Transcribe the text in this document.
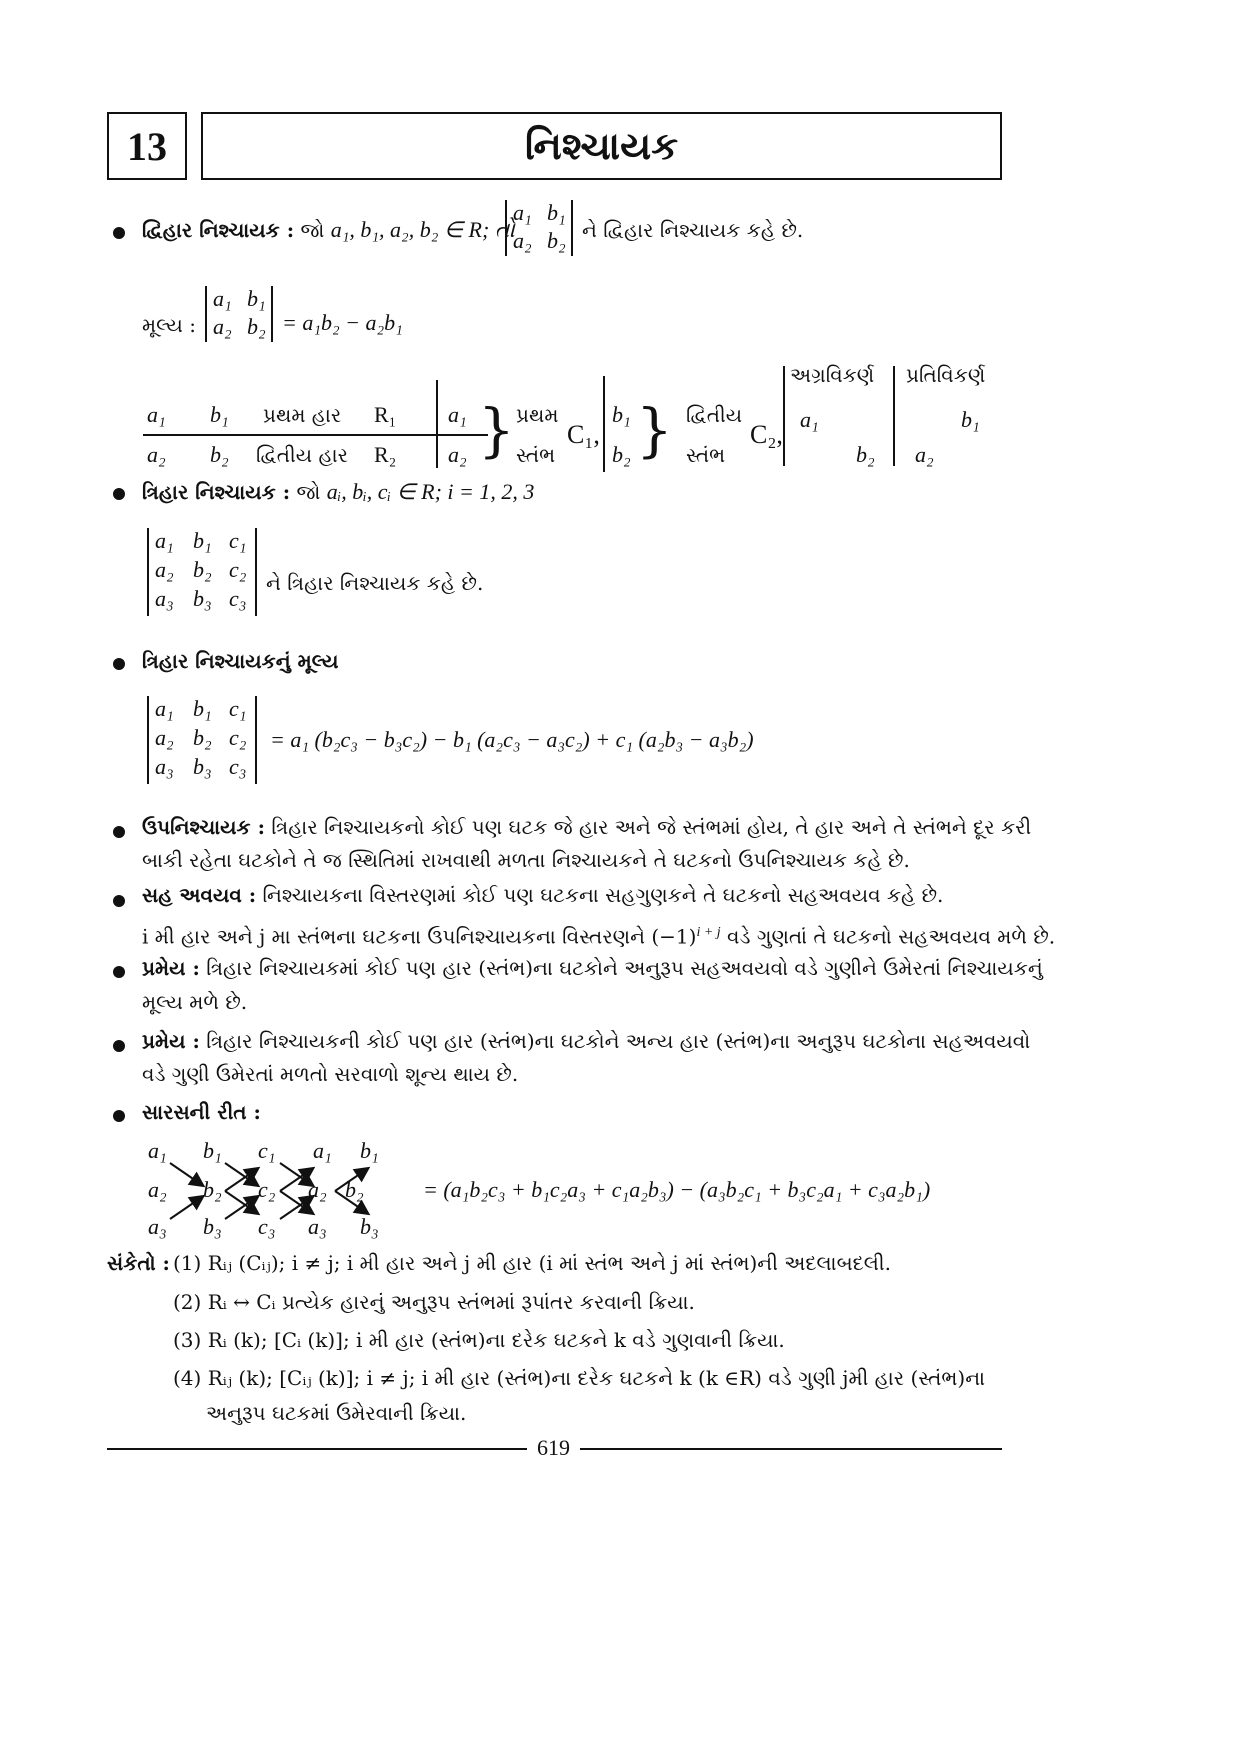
13	નિશ્ચાયક
દ્વિહાર નિશ્ચાયક : જો a₁, b₁, a₂, b₂ ∈ R; તો
a₁ b₁
a₂ b₂ ને દ્વિહાર નિશ્ચાયક કહે છે.
મૂલ્ય :
a₁ b₁
a₂ b₂ = a₁b₂ − a₂b₁
a₁ b₁ પ્રથમ હાર R₁
a₂ b₂ દ્વિતીય હાર R₂
a₁
a₂ } પ્રથમ
સ્તંભ
C₁,
b₁
b₂ } દ્વિતીય
સ્તંભ
C₂,
અગ્રવિકર્ણ
a₁
b₂
પ્રતિવિકર્ણ
b₁
a₂
ત્રિહાર નિશ્ચાયક : જો aᵢ, bᵢ, cᵢ ∈ R; i = 1, 2, 3
a₁ b₁ c₁
a₂ b₂ c₂
a₃ b₃ c₃
ને ત્રિહાર નિશ્ચાયક કહે છે.
ત્રિહાર નિશ્ચાયકનું મૂલ્ય
a₁ b₁ c₁
a₂ b₂ c₂
a₃ b₃ c₃
= a₁ (b₂c₃ − b₃c₂) − b₁ (a₂c₃ − a₃c₂) + c₁ (a₂b₃ − a₃b₂)
ઉપનિશ્ચાયક : ત્રિહાર નિશ્ચાયકનો કોઈ પણ ઘટક જે હાર અને જે સ્તંભમાં હોય, તે હાર અને તે સ્તંભને દૂર કરી
બાકી રહેતા ઘટકોને તે જ સ્થિતિમાં રાખવાથી મળતા નિશ્ચાયકને તે ઘટકનો ઉપનિશ્ચાયક કહે છે.
સહ અવયવ : નિશ્ચાયકના વિસ્તરણમાં કોઈ પણ ઘટકના સહગુણકને તે ઘટકનો સહઅવયવ કહે છે.
i મી હાર અને j મા સ્તંભના ઘટકના ઉપનિશ્ચાયકના વિસ્તરણને $(-1)^{i + j}$ વડે ગુણતાં તે ઘટકનો સહઅવયવ મળે છે.
પ્રમેય : ત્રિહાર નિશ્ચાયકમાં કોઈ પણ હાર (સ્તંભ)ના ઘટકોને અનુરૂપ સહઅવયવો વડે ગુણીને ઉમેરતાં નિશ્ચાયકનું
મૂલ્ય મળે છે.
પ્રમેય : ત્રિહાર નિશ્ચાયકની કોઈ પણ હાર (સ્તંભ)ના ઘટકોને અન્ય હાર (સ્તંભ)ના અનુરૂપ ઘટકોના સહઅવયવો
વડે ગુણી ઉમેરતાં મળતો સરવાળો શૂન્ય થાય છે.
સારસની રીત :
a₁ b₁ c₁ a₁ b₁
a₂ b₂ c₂ a₂ b₂
a₃ b₃ c₃ a₃ b₃
= (a₁b₂c₃ + b₁c₂a₃ + c₁a₂b₃) − (a₃b₂c₁ + b₃c₂a₁ + c₃a₂b₁)
સંકેતો : (1) Rᵢⱼ (Cᵢⱼ); i ≠ j; i મી હાર અને j મી હાર (i માં સ્તંભ અને j માં સ્તંભ)ની અદલાબદલી.
(2) Rᵢ ↔ Cᵢ પ્રત્યેક હારનું અનુરૂપ સ્તંભમાં રૂપાંતર કરવાની ક્રિયા.
(3) Rᵢ (k); [Cᵢ (k)]; i મી હાર (સ્તંભ)ના દરેક ઘટકને k વડે ગુણવાની ક્રિયા.
(4) Rᵢⱼ (k); [Cᵢⱼ (k)]; i ≠ j; i મી હાર (સ્તંભ)ના દરેક ઘટકને k (k ∈R) વડે ગુણી jમી હાર (સ્તંભ)ના
અનુરૂપ ઘટકમાં ઉમેરવાની ક્રિયા.
619
